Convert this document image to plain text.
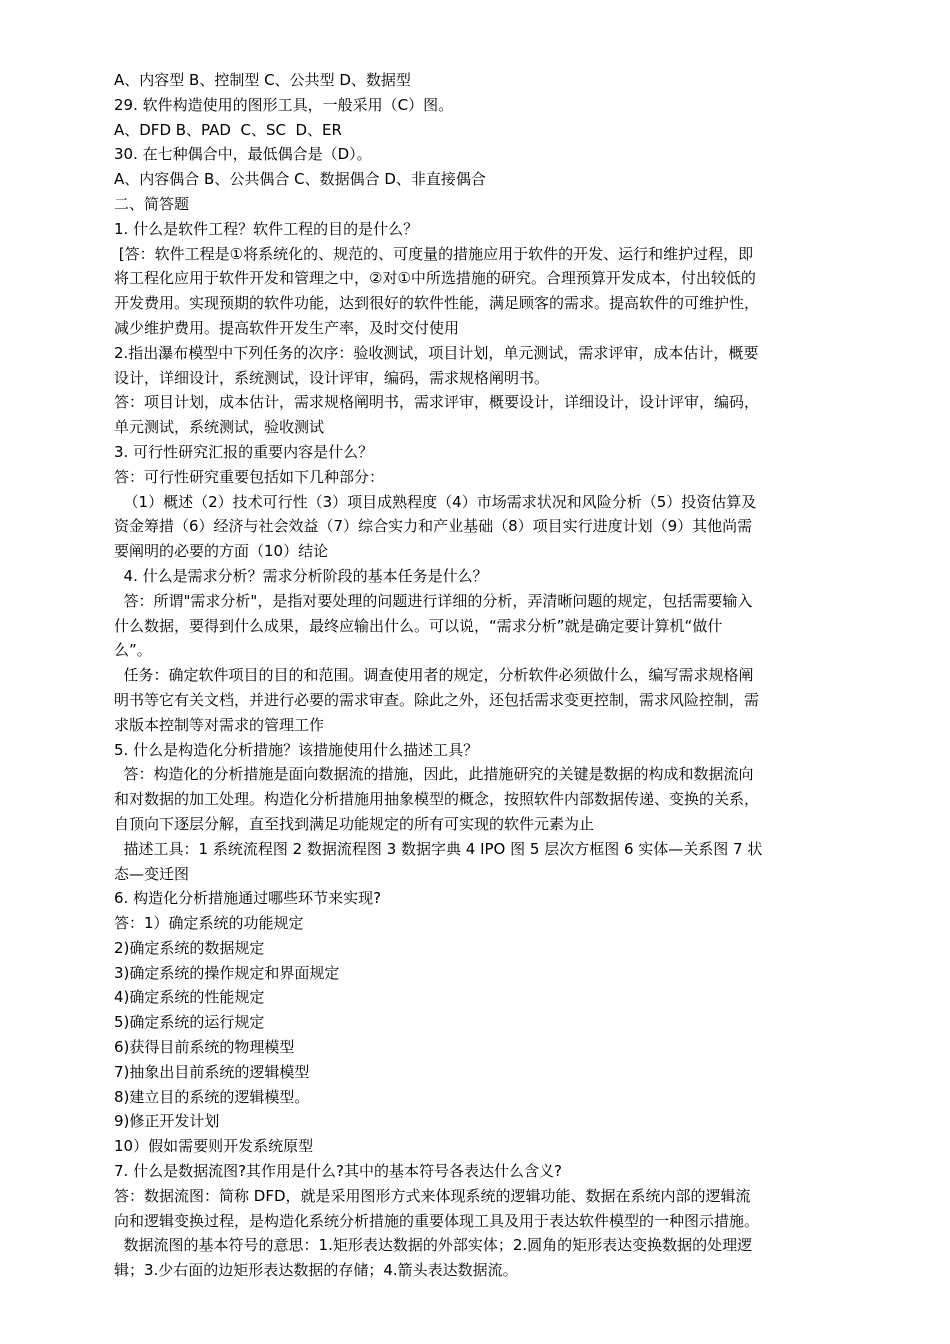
A、内容型 B、控制型 C、公共型 D、数据型
29. 软件构造使用的图形工具，一般采用（C）图。
A、DFD B、PAD  C、SC  D、ER
30. 在七种偶合中，最低偶合是（D）。
A、内容偶合 B、公共偶合 C、数据偶合 D、非直接偶合
二、简答题
1. 什么是软件工程？软件工程的目的是什么？
[答：软件工程是①将系统化的、规范的、可度量的措施应用于软件的开发、运行和维护过程，即
将工程化应用于软件开发和管理之中，②对①中所选措施的研究。合理预算开发成本，付出较低的
开发费用。实现预期的软件功能，达到很好的软件性能，满足顾客的需求。提高软件的可维护性，
减少维护费用。提高软件开发生产率，及时交付使用
2.指出瀑布模型中下列任务的次序：验收测试，项目计划，单元测试，需求评审，成本估计，概要
设计，详细设计，系统测试，设计评审，编码，需求规格阐明书。
答：项目计划，成本估计，需求规格阐明书，需求评审，概要设计，详细设计，设计评审，编码，
单元测试，系统测试，验收测试
3. 可行性研究汇报的重要内容是什么？
答：可行性研究重要包括如下几种部分：
（1）概述（2）技术可行性（3）项目成熟程度（4）市场需求状况和风险分析（5）投资估算及
资金筹措（6）经济与社会效益（7）综合实力和产业基础（8）项目实行进度计划（9）其他尚需
要阐明的必要的方面（10）结论
4. 什么是需求分析？需求分析阶段的基本任务是什么？
答：所谓"需求分析"，是指对要处理的问题进行详细的分析，弄清晰问题的规定，包括需要输入
什么数据，要得到什么成果，最终应输出什么。可以说，“需求分析”就是确定要计算机“做什
么”。
任务：确定软件项目的目的和范围。调查使用者的规定，分析软件必须做什么，编写需求规格阐
明书等它有关文档，并进行必要的需求审查。除此之外，还包括需求变更控制，需求风险控制，需
求版本控制等对需求的管理工作
5. 什么是构造化分析措施？该措施使用什么描述工具？
答：构造化的分析措施是面向数据流的措施，因此，此措施研究的关键是数据的构成和数据流向
和对数据的加工处理。构造化分析措施用抽象模型的概念，按照软件内部数据传递、变换的关系，
自顶向下逐层分解，直至找到满足功能规定的所有可实现的软件元素为止
描述工具：1 系统流程图 2 数据流程图 3 数据字典 4 IPO 图 5 层次方框图 6 实体—关系图 7 状
态—变迁图
6. 构造化分析措施通过哪些环节来实现?
答：1）确定系统的功能规定
2)确定系统的数据规定
3)确定系统的操作规定和界面规定
4)确定系统的性能规定
5)确定系统的运行规定
6)获得目前系统的物理模型
7)抽象出目前系统的逻辑模型
8)建立目的系统的逻辑模型。
9)修正开发计划
10）假如需要则开发系统原型
7. 什么是数据流图?其作用是什么?其中的基本符号各表达什么含义?
答：数据流图：简称 DFD，就是采用图形方式来体现系统的逻辑功能、数据在系统内部的逻辑流
向和逻辑变换过程，是构造化系统分析措施的重要体现工具及用于表达软件模型的一种图示措施。
数据流图的基本符号的意思：1.矩形表达数据的外部实体；2.圆角的矩形表达变换数据的处理逻
辑；3.少右面的边矩形表达数据的存储；4.箭头表达数据流。
